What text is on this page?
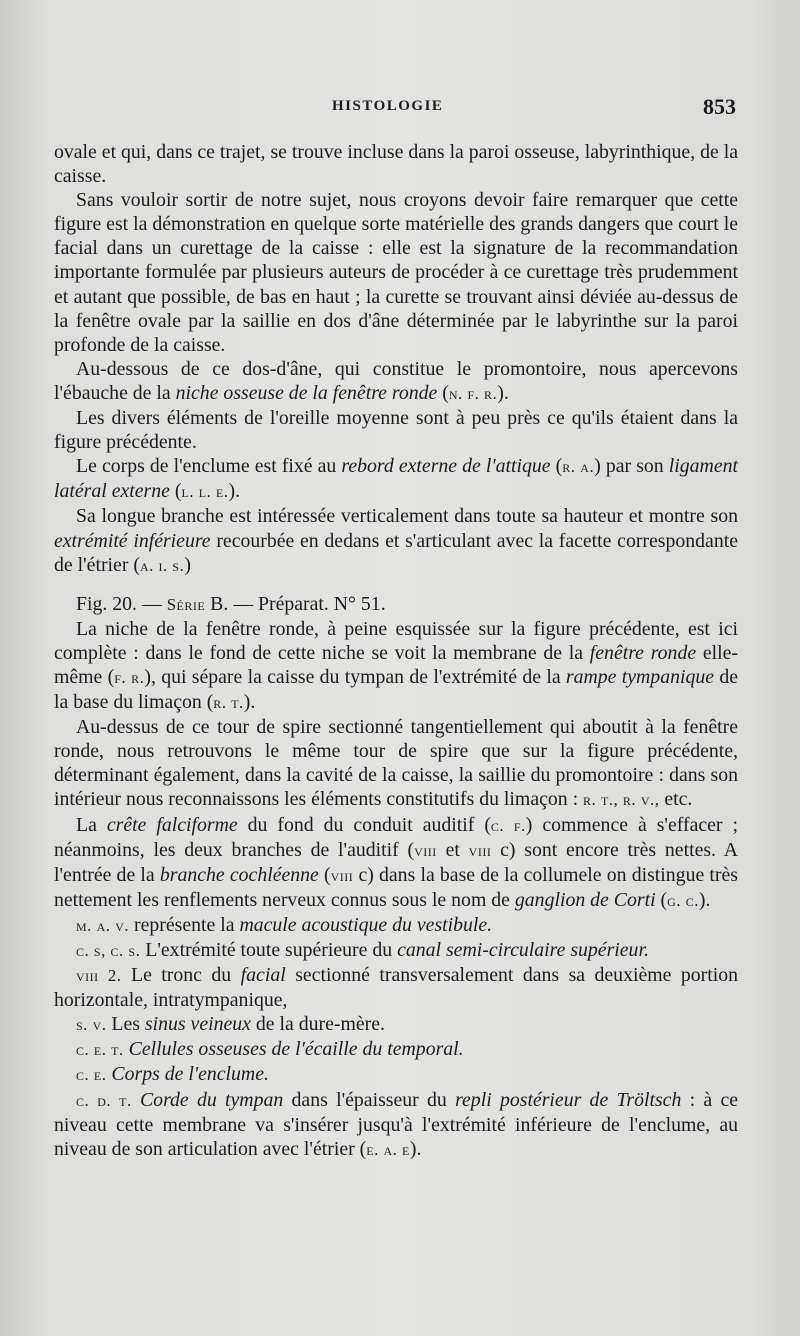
HISTOLOGIE	853

ovale et qui, dans ce trajet, se trouve incluse dans la paroi osseuse, labyrinthique, de la caisse.

Sans vouloir sortir de notre sujet, nous croyons devoir faire remarquer que cette figure est la démonstration en quelque sorte matérielle des grands dangers que court le facial dans un curettage de la caisse : elle est la signature de la recommandation importante formulée par plusieurs auteurs de procéder à ce curettage très prudemment et autant que possible, de bas en haut ; la curette se trouvant ainsi déviée au-dessus de la fenêtre ovale par la saillie en dos d'âne déterminée par le labyrinthe sur la paroi profonde de la caisse.

Au-dessous de ce dos-d'âne, qui constitue le promontoire, nous apercevons l'ébauche de la niche osseuse de la fenêtre ronde (n. f. r.).

Les divers éléments de l'oreille moyenne sont à peu près ce qu'ils étaient dans la figure précédente.

Le corps de l'enclume est fixé au rebord externe de l'attique (r. a.) par son ligament latéral externe (l. l. e.).

Sa longue branche est intéressée verticalement dans toute sa hauteur et montre son extrémité inférieure recourbée en dedans et s'articulant avec la facette correspondante de l'étrier (a. i. s.)

Fig. 20. — Série B. — Préparat. N° 51.

La niche de la fenêtre ronde, à peine esquissée sur la figure précédente, est ici complète : dans le fond de cette niche se voit la membrane de la fenêtre ronde elle-même (f. r.), qui sépare la caisse du tympan de l'extrémité de la rampe tympanique de la base du limaçon (r. t.).

Au-dessus de ce tour de spire sectionné tangentiellement qui aboutit à la fenêtre ronde, nous retrouvons le même tour de spire que sur la figure précédente, déterminant également, dans la cavité de la caisse, la saillie du promontoire : dans son intérieur nous reconnaissons les éléments constitutifs du limaçon : r. t., r. v., etc.

La crête falciforme du fond du conduit auditif (c. f.) commence à s'effacer ; néanmoins, les deux branches de l'auditif (viii et viii c) sont encore très nettes. A l'entrée de la branche cochléenne (viii c) dans la base de la collumele on distingue très nettement les renflements nerveux connus sous le nom de ganglion de Corti (g. c.).

m. a. v. représente la macule acoustique du vestibule.

c. s, c. s. L'extrémité toute supérieure du canal semi-circulaire supérieur.

viii 2. Le tronc du facial sectionné transversalement dans sa deuxième portion horizontale, intratympanique,

s. v. Les sinus veineux de la dure-mère.

c. e. t. Cellules osseuses de l'écaille du temporal.

c. e. Corps de l'enclume.

c. d. t. Corde du tympan dans l'épaisseur du repli postérieur de Tröltsch : à ce niveau cette membrane va s'insérer jusqu'à l'extrémité inférieure de l'enclume, au niveau de son articulation avec l'étrier (e. a. e).
